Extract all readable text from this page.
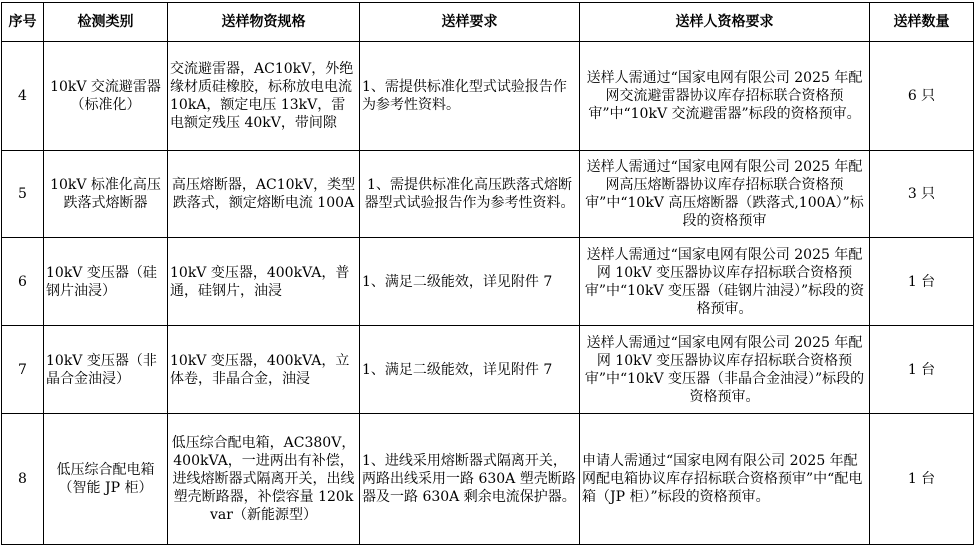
序号	检测类别	送样物资规格	送样要求	送样人资格要求	送样数量
4	10kV 交流避雷器（标准化）	交流避雷器，AC10kV，外绝缘材质硅橡胶，标称放电电流 10kA，额定电压 13kV，雷电额定残压 40kV，带间隙	1、需提供标准化型式试验报告作为参考性资料。	送样人需通过“国家电网有限公司 2025 年配网交流避雷器协议库存招标联合资格预审”中“10kV 交流避雷器”标段的资格预审。	6 只
5	10kV 标准化高压跌落式熔断器	高压熔断器，AC10kV，类型跌落式，额定熔断电流 100A	1、需提供标准化高压跌落式熔断器型式试验报告作为参考性资料。	送样人需通过“国家电网有限公司 2025 年配网高压熔断器协议库存招标联合资格预审”中“10kV 高压熔断器（跌落式,100A）”标段的资格预审	3 只
6	10kV 变压器（硅钢片油浸）	10kV 变压器，400kVA，普通，硅钢片，油浸	1、满足二级能效，详见附件 7	送样人需通过“国家电网有限公司 2025 年配网 10kV 变压器协议库存招标联合资格预审”中“10kV 变压器（硅钢片油浸）”标段的资格预审。	1 台
7	10kV 变压器（非晶合金油浸）	10kV 变压器，400kVA，立体卷，非晶合金，油浸	1、满足二级能效，详见附件 7	送样人需通过“国家电网有限公司 2025 年配网 10kV 变压器协议库存招标联合资格预审”中“10kV 变压器（非晶合金油浸）”标段的资格预审。	1 台
8	低压综合配电箱（智能 JP 柜）	低压综合配电箱，AC380V，400kVA，一进两出有补偿，进线熔断器式隔离开关，出线塑壳断路器，补偿容量 120kvar（新能源型）	1、进线采用熔断器式隔离开关，两路出线采用一路 630A 塑壳断路器及一路 630A 剩余电流保护器。	申请人需通过“国家电网有限公司 2025 年配网配电箱协议库存招标联合资格预审”中“配电箱（JP 柜）”标段的资格预审。	1 台
